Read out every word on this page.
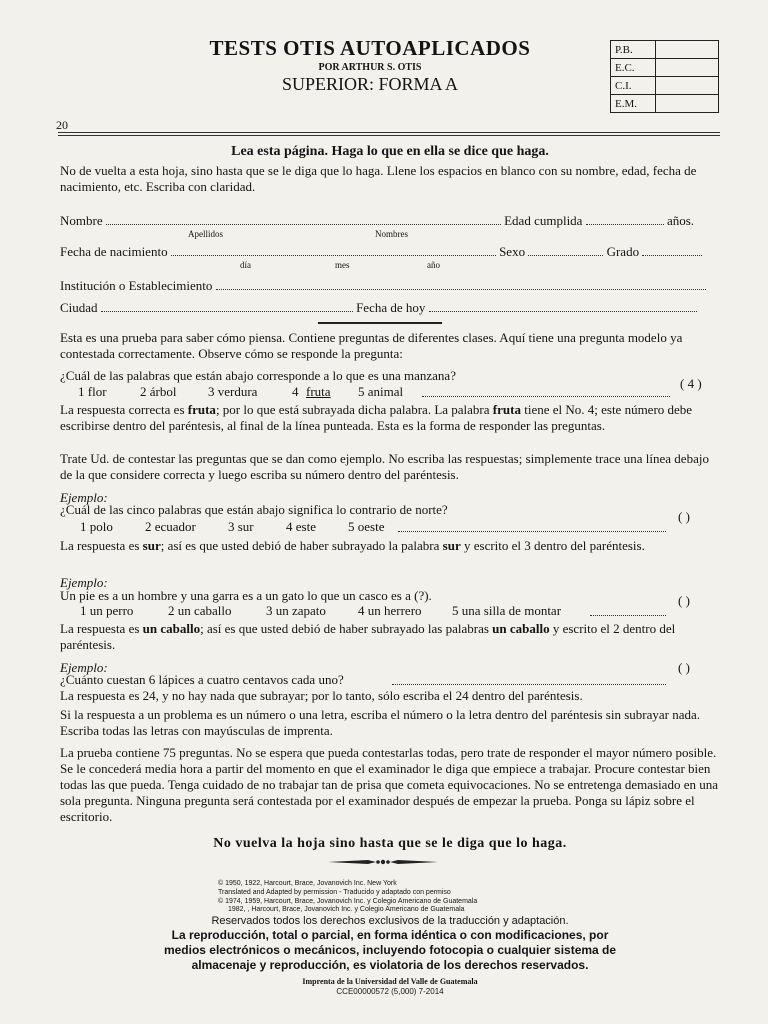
TESTS OTIS AUTOAPLICADOS
POR ARTHUR S. OTIS
SUPERIOR: FORMA A
P.B.	
E.C.	
C.I.	
E.M.	
20
Lea esta página. Haga lo que en ella se dice que haga.
No de vuelta a esta hoja, sino hasta que se le diga que lo haga. Llene los espacios en blanco con su nombre, edad, fecha de nacimiento, etc. Escriba con claridad.
Nombre	Edad cumplida	años.
Apellidos	Nombres
Fecha de nacimiento	Sexo	Grado
día	mes	año
Institución o Establecimiento
Ciudad	Fecha de hoy
Esta es una prueba para saber cómo piensa. Contiene preguntas de diferentes clases. Aquí tiene una pregunta modelo ya contestada correctamente. Observe cómo se responde la pregunta:
¿Cuál de las palabras que están abajo corresponde a lo que es una manzana?
( 4 )
1 flor	2 árbol 3 verdura	4 fruta 5 animal
La respuesta correcta es fruta; por lo que está subrayada dicha palabra. La palabra fruta tiene el No. 4; este número debe escribirse dentro del paréntesis, al final de la línea punteada. Esta es la forma de responder las preguntas.
Trate Ud. de contestar las preguntas que se dan como ejemplo. No escriba las respuestas; simplemente trace una línea debajo de la que considere correcta y luego escriba su número dentro del paréntesis.
Ejemplo:
¿Cuál de las cinco palabras que están abajo significa lo contrario de norte?	( )
1 polo 2 ecuador 3 sur 4 este 5 oeste
La respuesta es sur; así es que usted debió de haber subrayado la palabra sur y escrito el 3 dentro del paréntesis.
Ejemplo:
Un pie es a un hombre y una garra es a un gato lo que un casco es a (?).	( )
1 un perro	2 un caballo	3 un zapato 4 un herrero 5 una silla de montar
La respuesta es un caballo; así es que usted debió de haber subrayado las palabras un caballo y escrito el 2 dentro del paréntesis.
Ejemplo:
¿Cuánto cuestan 6 lápices a cuatro centavos cada uno?
( )
La respuesta es 24, y no hay nada que subrayar; por lo tanto, sólo escriba el 24 dentro del paréntesis.
Si la respuesta a un problema es un número o una letra, escriba el número o la letra dentro del paréntesis sin subrayar nada. Escriba todas las letras con mayúsculas de imprenta.
La prueba contiene 75 preguntas. No se espera que pueda contestarlas todas, pero trate de responder el mayor número posible. Se le concederá media hora a partir del momento en que el examinador le diga que empiece a trabajar. Procure contestar bien todas las que pueda. Tenga cuidado de no trabajar tan de prisa que cometa equivocaciones. No se entretenga demasiado en una sola pregunta. Ninguna pregunta será contestada por el examinador después de empezar la prueba. Ponga su lápiz sobre el escritorio.
No vuelva la hoja sino hasta que se le diga que lo haga.
© 1950, 1922, Harcourt, Brace, Jovanovich Inc. New York
Translated and Adapted by permission - Traducido y adaptado con permiso
© 1974, 1959, Harcourt, Brace, Jovanovich Inc. y Colegio Americano de Guatemala
1982, , Harcourt, Brace, Jovanovich Inc. y Colegio Americano de Guatemala
Reservados todos los derechos exclusivos de la traducción y adaptación.
La reproducción, total o parcial, en forma idéntica o con modificaciones, por medios electrónicos o mecánicos, incluyendo fotocopia o cualquier sistema de almacenaje y reproducción, es violatoria de los derechos reservados.
Imprenta de la Universidad del Valle de Guatemala
CCE00000572 (5,000) 7-2014
